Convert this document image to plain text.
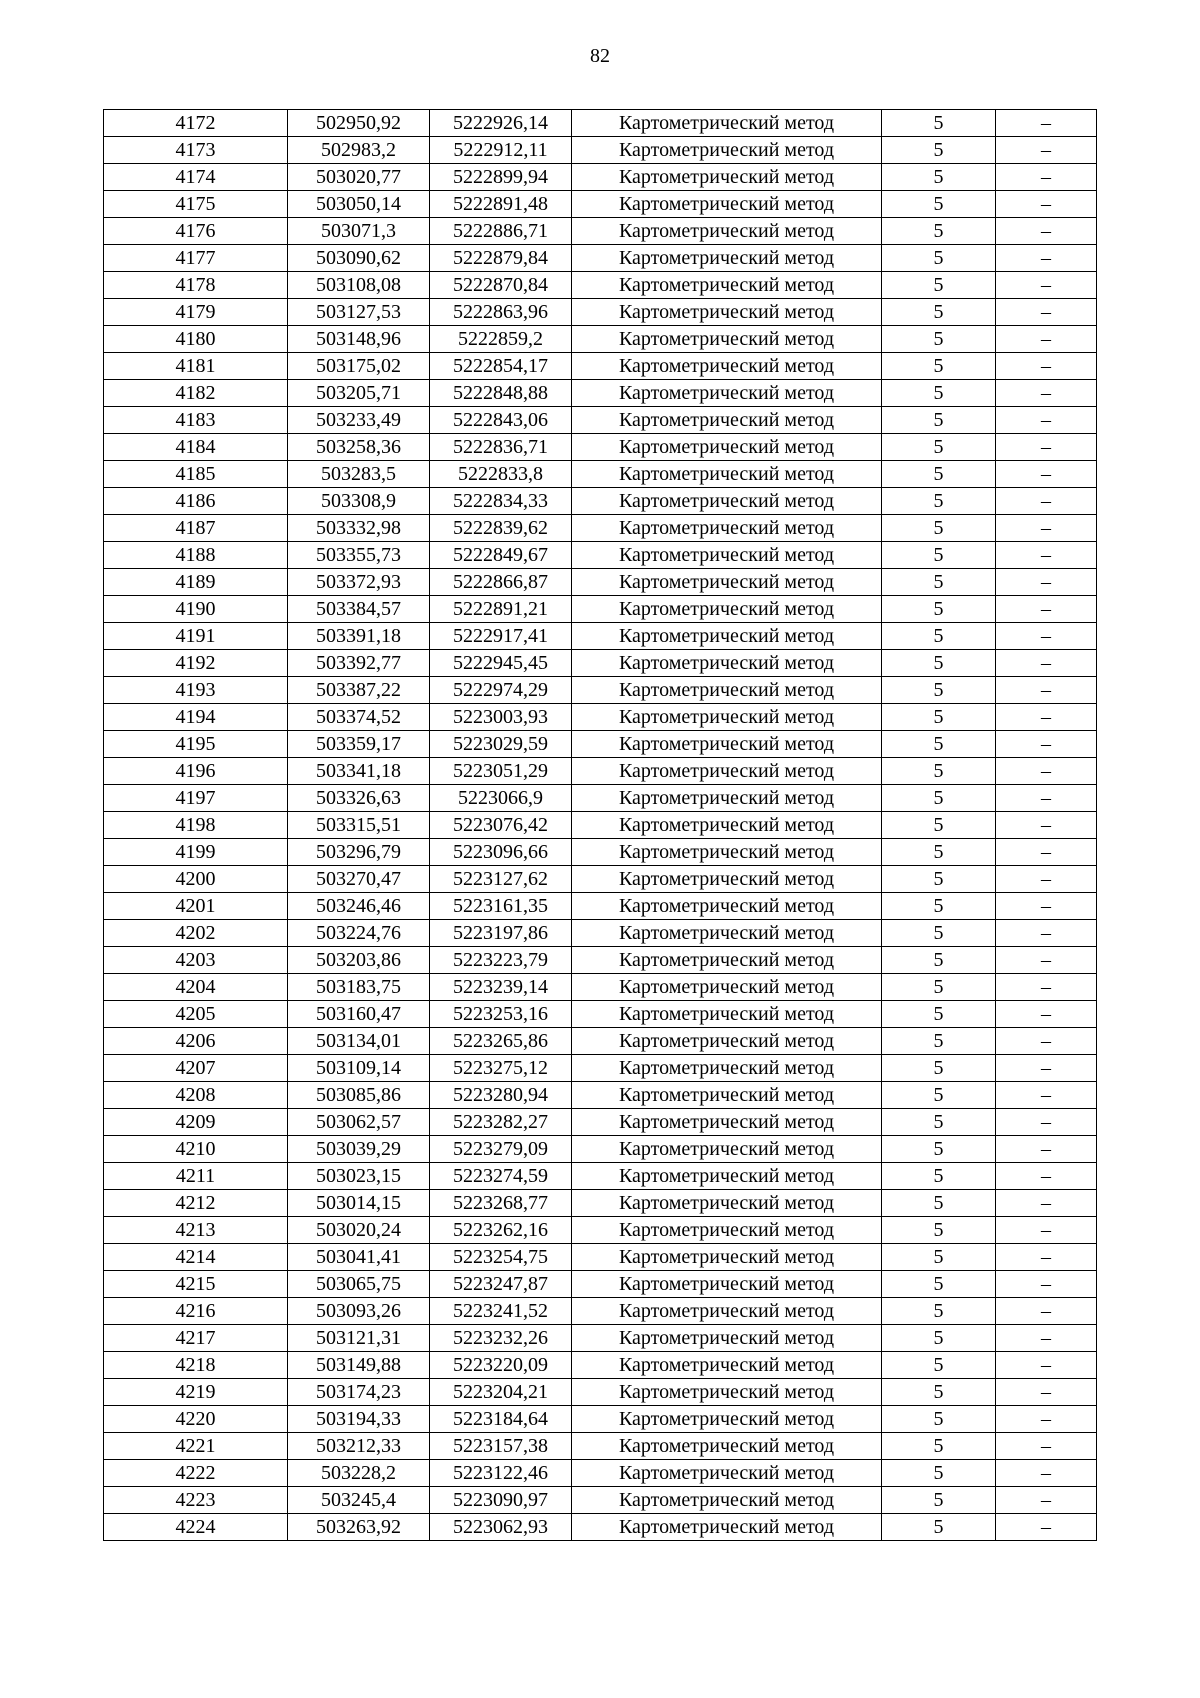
82
4172	502950,92	5222926,14	Картометрический метод	5	–
4173	502983,2	5222912,11	Картометрический метод	5	–
4174	503020,77	5222899,94	Картометрический метод	5	–
4175	503050,14	5222891,48	Картометрический метод	5	–
4176	503071,3	5222886,71	Картометрический метод	5	–
4177	503090,62	5222879,84	Картометрический метод	5	–
4178	503108,08	5222870,84	Картометрический метод	5	–
4179	503127,53	5222863,96	Картометрический метод	5	–
4180	503148,96	5222859,2	Картометрический метод	5	–
4181	503175,02	5222854,17	Картометрический метод	5	–
4182	503205,71	5222848,88	Картометрический метод	5	–
4183	503233,49	5222843,06	Картометрический метод	5	–
4184	503258,36	5222836,71	Картометрический метод	5	–
4185	503283,5	5222833,8	Картометрический метод	5	–
4186	503308,9	5222834,33	Картометрический метод	5	–
4187	503332,98	5222839,62	Картометрический метод	5	–
4188	503355,73	5222849,67	Картометрический метод	5	–
4189	503372,93	5222866,87	Картометрический метод	5	–
4190	503384,57	5222891,21	Картометрический метод	5	–
4191	503391,18	5222917,41	Картометрический метод	5	–
4192	503392,77	5222945,45	Картометрический метод	5	–
4193	503387,22	5222974,29	Картометрический метод	5	–
4194	503374,52	5223003,93	Картометрический метод	5	–
4195	503359,17	5223029,59	Картометрический метод	5	–
4196	503341,18	5223051,29	Картометрический метод	5	–
4197	503326,63	5223066,9	Картометрический метод	5	–
4198	503315,51	5223076,42	Картометрический метод	5	–
4199	503296,79	5223096,66	Картометрический метод	5	–
4200	503270,47	5223127,62	Картометрический метод	5	–
4201	503246,46	5223161,35	Картометрический метод	5	–
4202	503224,76	5223197,86	Картометрический метод	5	–
4203	503203,86	5223223,79	Картометрический метод	5	–
4204	503183,75	5223239,14	Картометрический метод	5	–
4205	503160,47	5223253,16	Картометрический метод	5	–
4206	503134,01	5223265,86	Картометрический метод	5	–
4207	503109,14	5223275,12	Картометрический метод	5	–
4208	503085,86	5223280,94	Картометрический метод	5	–
4209	503062,57	5223282,27	Картометрический метод	5	–
4210	503039,29	5223279,09	Картометрический метод	5	–
4211	503023,15	5223274,59	Картометрический метод	5	–
4212	503014,15	5223268,77	Картометрический метод	5	–
4213	503020,24	5223262,16	Картометрический метод	5	–
4214	503041,41	5223254,75	Картометрический метод	5	–
4215	503065,75	5223247,87	Картометрический метод	5	–
4216	503093,26	5223241,52	Картометрический метод	5	–
4217	503121,31	5223232,26	Картометрический метод	5	–
4218	503149,88	5223220,09	Картометрический метод	5	–
4219	503174,23	5223204,21	Картометрический метод	5	–
4220	503194,33	5223184,64	Картометрический метод	5	–
4221	503212,33	5223157,38	Картометрический метод	5	–
4222	503228,2	5223122,46	Картометрический метод	5	–
4223	503245,4	5223090,97	Картометрический метод	5	–
4224	503263,92	5223062,93	Картометрический метод	5	–
